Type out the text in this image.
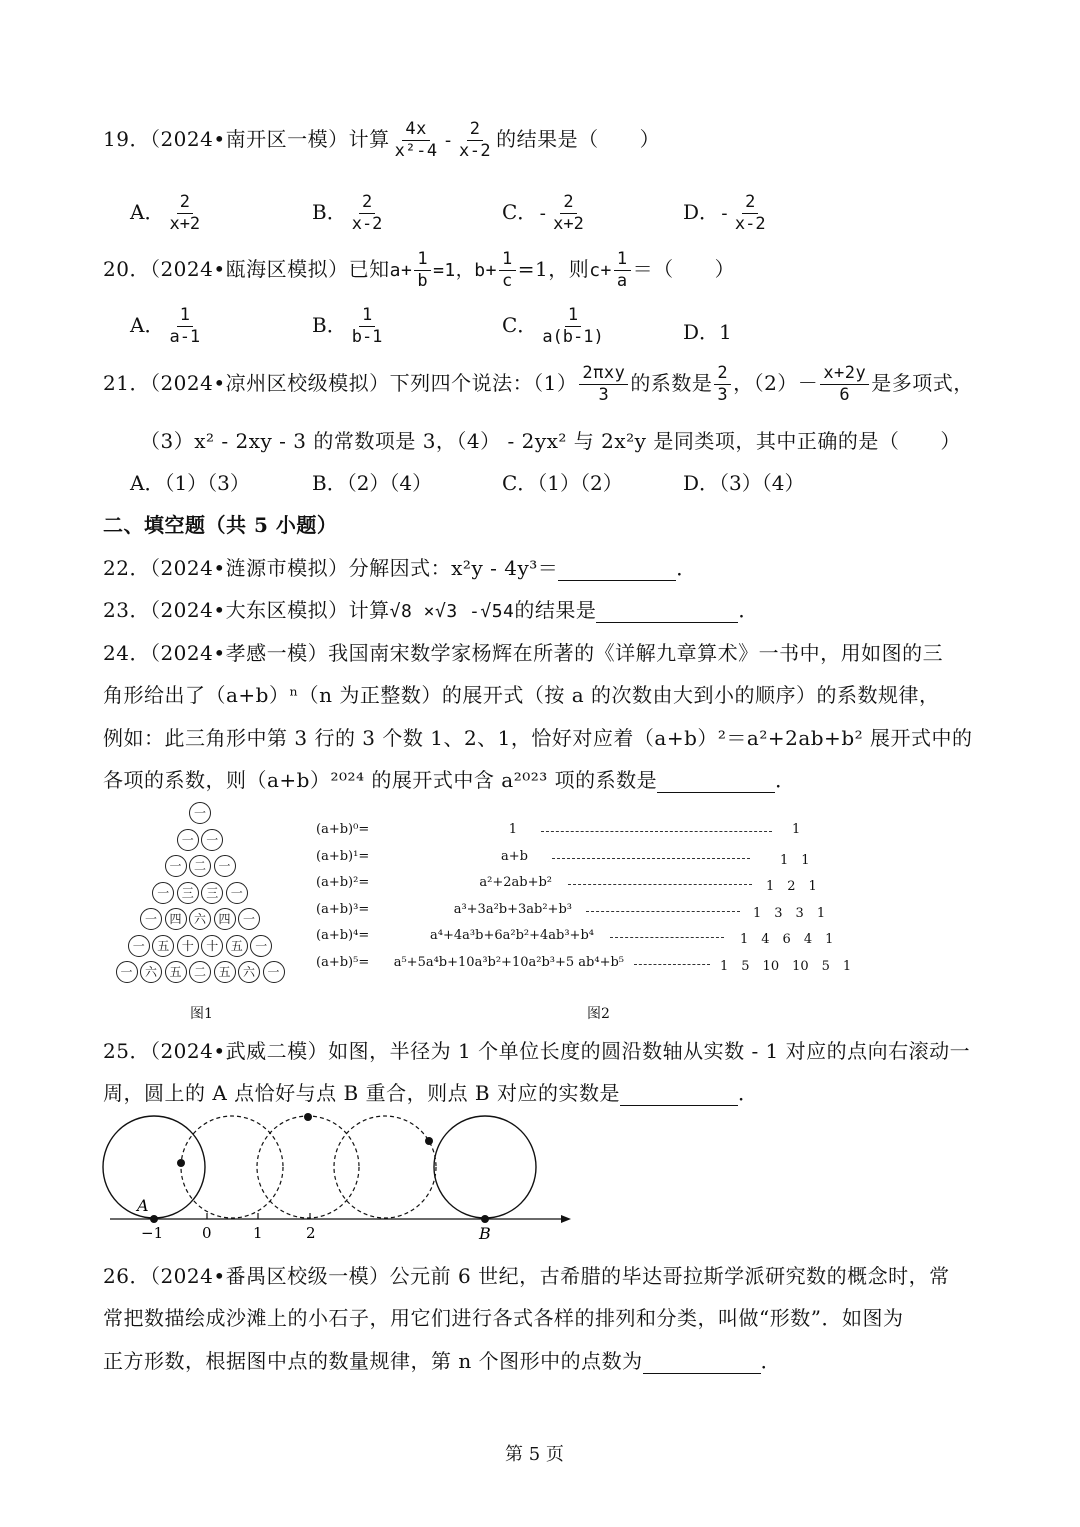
19．（2024•南开区一模）计算 $\frac{4x}{\text{x²-4}} - \frac{2}{x-2}$ 的结果是（　　）
A． $\frac{2}{x+2}$	B． $\frac{2}{x-2}$	C．- $\frac{2}{x+2}$	D．- $\frac{2}{x-2}$
20．（2024•瓯海区模拟）已知$a+ \frac{1}{b} =1$，$b+ \frac{1}{c} =1$，则$c+ \frac{1}{a}$ ＝（　　）
A． $\frac{1}{a-1}$	B． $\frac{1}{b-1}$	C． $\frac{1}{a(b-1)}$	D．1
21．（2024•凉州区校级模拟）下列四个说法：$(1) \frac{\text{2πxy}}{3}$ 的系数是 $\frac{2}{3}$ ，$(2)- \frac{x+2y}{6}$ 是多项式，
（3）x² - 2xy - 3 的常数项是 3，（4） - 2yx² 与 2x²y 是同类项，其中正确的是（　　）
A．（1）（3）	B．（2）（4）	C．（1）（2）	D．（3）（4）
二、填空题（共 5 小题）
22．（2024•涟源市模拟）分解因式：x²y - 4y³＝	．
23．（2024•大东区模拟）计算√8 ×√3 -√54的结果是	．
24．（2024•孝感一模）我国南宋数学家杨辉在所著的《详解九章算术》一书中，用如图的三
角形给出了（a+b）ⁿ（n 为正整数）的展开式（按 a 的次数由大到小的顺序）的系数规律，
例如：此三角形中第 3 行的 3 个数 1、2、1，恰好对应着（a+b）²＝a²+2ab+b² 展开式中的
各项的系数，则（a+b）²⁰²⁴ 的展开式中含 a²⁰²³ 项的系数是	．
一
一	一
一	二	一
一	三	三	一
一	四	六	四	一
一	五	十	十	五	一
一	六	五	二	五	六	一
图1
(a+b)⁰=	1	1
(a+b)¹=	a+b	1　1
(a+b)²=	a²+2ab+b²	1　2　1
(a+b)³=	a³+3a²b+3ab²+b³	1　3　3　1
(a+b)⁴=	a⁴+4a³b+6a²b²+4ab³+b⁴	1　4　6　4　1
(a+b)⁵= a⁵+5a⁴b+10a³b²+10a²b³+5 ab⁴+b⁵	1　5　10　10　5　1
图2
25．（2024•武威二模）如图，半径为 1 个单位长度的圆沿数轴从实数 - 1 对应的点向右滚动一
周，圆上的 A 点恰好与点 B 重合，则点 B 对应的实数是	．
A
B
−1	0	1	2
26．（2024•番禺区校级一模）公元前 6 世纪，古希腊的毕达哥拉斯学派研究数的概念时，常
常把数描绘成沙滩上的小石子，用它们进行各式各样的排列和分类，叫做“形数”．如图为
正方形数，根据图中点的数量规律，第 n 个图形中的点数为	．
第 5 页
